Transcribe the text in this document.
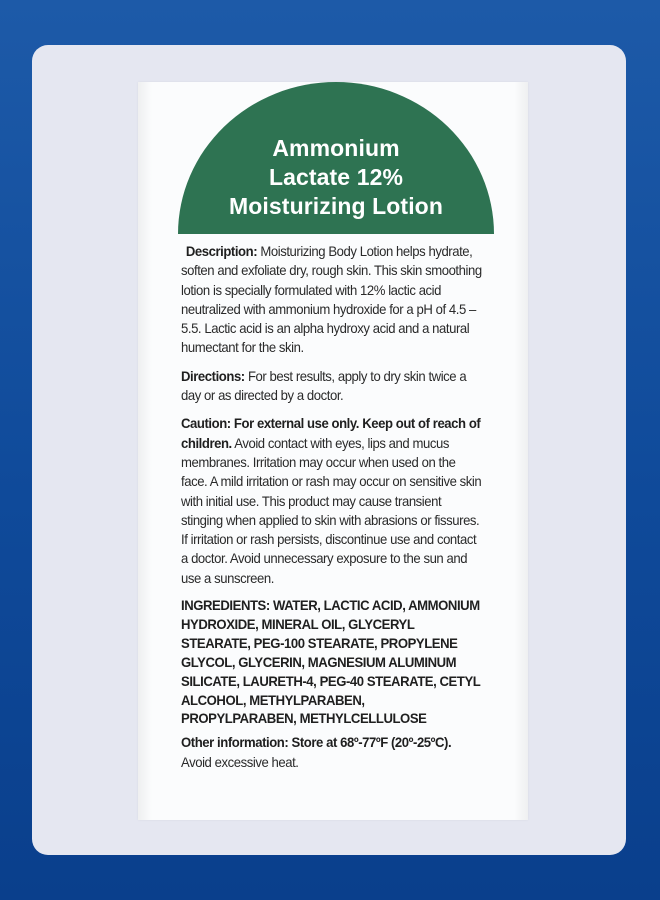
Ammonium
Lactate 12%
Moisturizing Lotion

Description: Moisturizing Body Lotion helps hydrate, soften and exfoliate dry, rough skin. This skin smoothing lotion is specially formulated with 12% lactic acid neutralized with ammonium hydroxide for a pH of 4.5 – 5.5. Lactic acid is an alpha hydroxy acid and a natural humectant for the skin.

Directions: For best results, apply to dry skin twice a day or as directed by a doctor.

Caution: For external use only. Keep out of reach of children. Avoid contact with eyes, lips and mucus membranes. Irritation may occur when used on the face. A mild irritation or rash may occur on sensitive skin with initial use. This product may cause transient stinging when applied to skin with abrasions or fissures. If irritation or rash persists, discontinue use and contact a doctor. Avoid unnecessary exposure to the sun and use a sunscreen.

INGREDIENTS: WATER, LACTIC ACID, AMMONIUM HYDROXIDE, MINERAL OIL, GLYCERYL STEARATE, PEG-100 STEARATE, PROPYLENE GLYCOL, GLYCERIN, MAGNESIUM ALUMINUM SILICATE, LAURETH-4, PEG-40 STEARATE, CETYL ALCOHOL, METHYLPARABEN, PROPYLPARABEN, METHYLCELLULOSE

Other information: Store at 68º-77ºF (20º-25ºC). Avoid excessive heat.
